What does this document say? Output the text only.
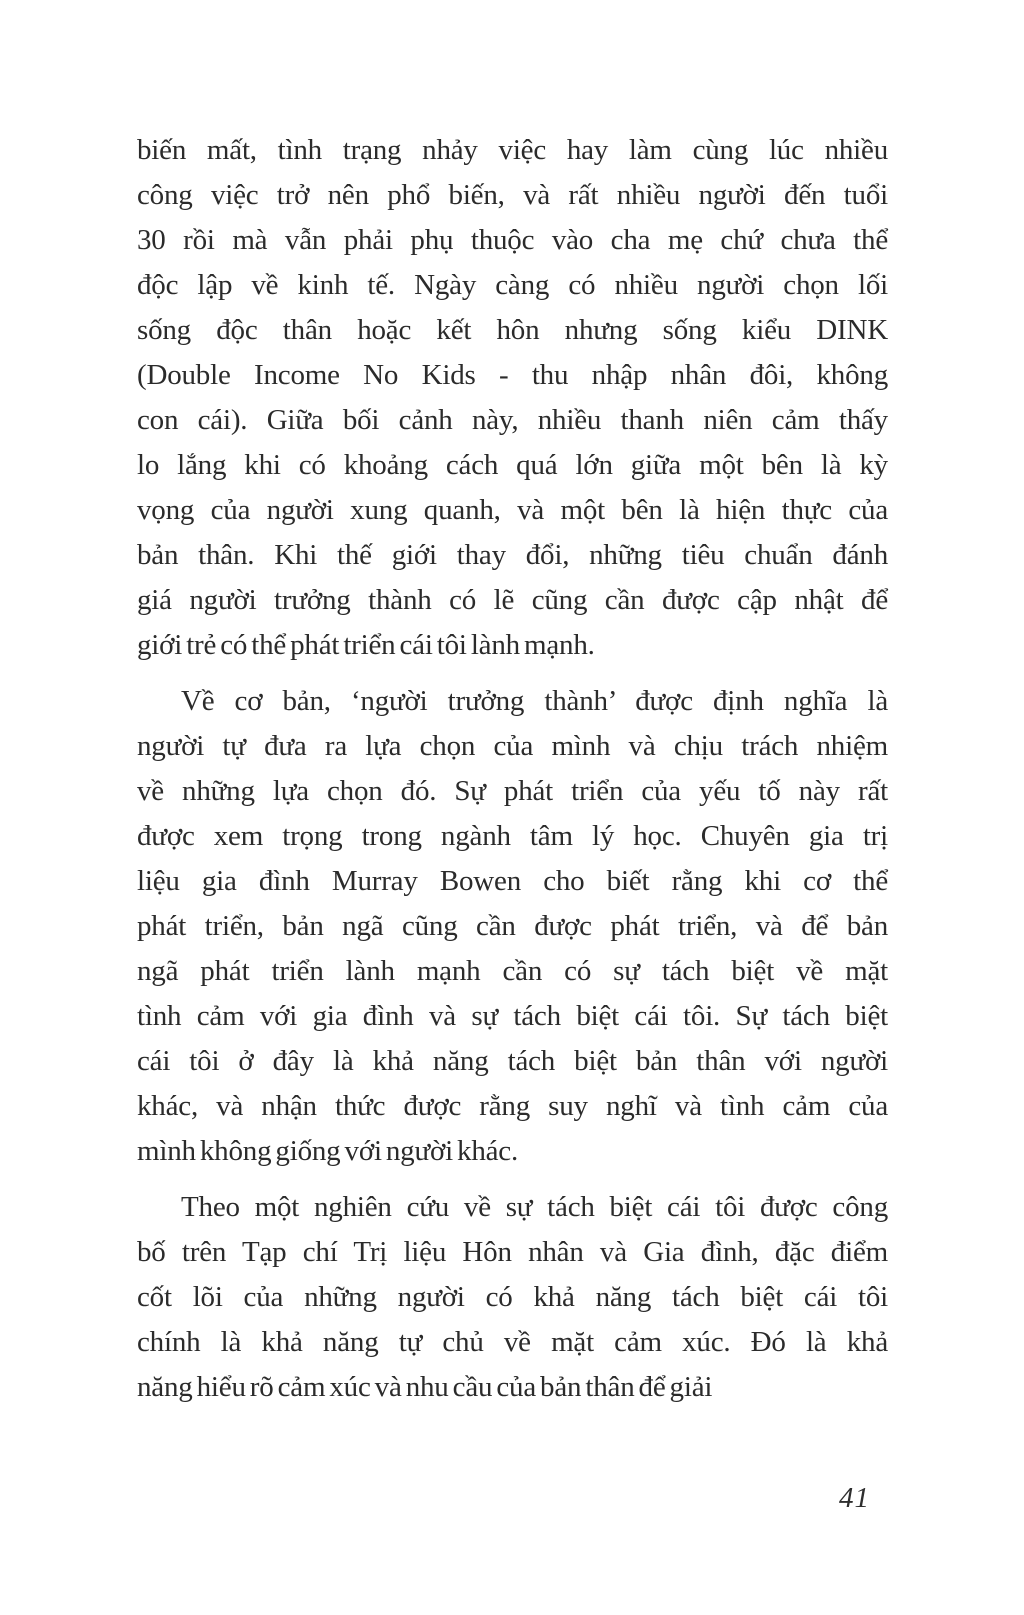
biến mất, tình trạng nhảy việc hay làm cùng lúc nhiều
công việc trở nên phổ biến, và rất nhiều người đến tuổi
30 rồi mà vẫn phải phụ thuộc vào cha mẹ chứ chưa thể
độc lập về kinh tế. Ngày càng có nhiều người chọn lối
sống độc thân hoặc kết hôn nhưng sống kiểu DINK
(Double Income No Kids - thu nhập nhân đôi, không
con cái). Giữa bối cảnh này, nhiều thanh niên cảm thấy
lo lắng khi có khoảng cách quá lớn giữa một bên là kỳ
vọng của người xung quanh, và một bên là hiện thực của
bản thân. Khi thế giới thay đổi, những tiêu chuẩn đánh
giá người trưởng thành có lẽ cũng cần được cập nhật để
giới trẻ có thể phát triển cái tôi lành mạnh.
Về cơ bản, ‘người trưởng thành’ được định nghĩa là
người tự đưa ra lựa chọn của mình và chịu trách nhiệm
về những lựa chọn đó. Sự phát triển của yếu tố này rất
được xem trọng trong ngành tâm lý học. Chuyên gia trị
liệu gia đình Murray Bowen cho biết rằng khi cơ thể
phát triển, bản ngã cũng cần được phát triển, và để bản
ngã phát triển lành mạnh cần có sự tách biệt về mặt
tình cảm với gia đình và sự tách biệt cái tôi. Sự tách biệt
cái tôi ở đây là khả năng tách biệt bản thân với người
khác, và nhận thức được rằng suy nghĩ và tình cảm của
mình không giống với người khác.
Theo một nghiên cứu về sự tách biệt cái tôi được công
bố trên Tạp chí Trị liệu Hôn nhân và Gia đình, đặc điểm
cốt lõi của những người có khả năng tách biệt cái tôi
chính là khả năng tự chủ về mặt cảm xúc. Đó là khả
năng hiểu rõ cảm xúc và nhu cầu của bản thân để giải
41
